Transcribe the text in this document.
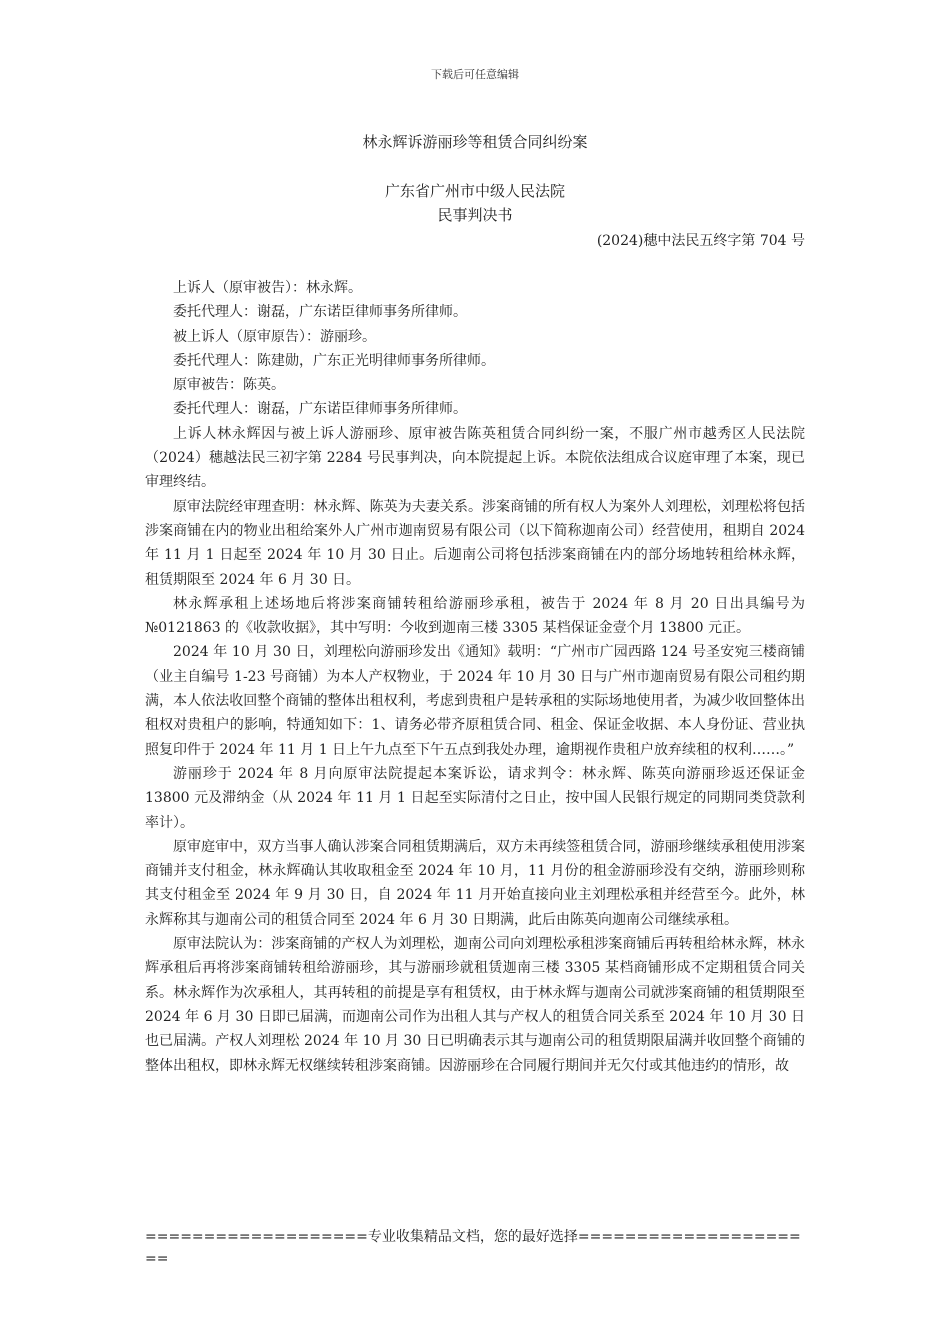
下载后可任意编辑
林永辉诉游丽珍等租赁合同纠纷案
广东省广州市中级人民法院
民事判决书
(2024)穗中法民五终字第 704 号

上诉人（原审被告）：林永辉。

委托代理人：谢磊，广东诺臣律师事务所律师。

被上诉人（原审原告）：游丽珍。

委托代理人：陈建勋，广东正光明律师事务所律师。

原审被告：陈英。

委托代理人：谢磊，广东诺臣律师事务所律师。

上诉人林永辉因与被上诉人游丽珍、原审被告陈英租赁合同纠纷一案，不服广州市越秀区人民法院（2024）穗越法民三初字第 2284 号民事判决，向本院提起上诉。本院依法组成合议庭审理了本案，现已审理终结。

原审法院经审理查明：林永辉、陈英为夫妻关系。涉案商铺的所有权人为案外人刘理松，刘理松将包括涉案商铺在内的物业出租给案外人广州市迦南贸易有限公司（以下简称迦南公司）经营使用，租期自 2024 年 11 月 1 日起至 2024 年 10 月 30 日止。后迦南公司将包括涉案商铺在内的部分场地转租给林永辉，租赁期限至 2024 年 6 月 30 日。

林永辉承租上述场地后将涉案商铺转租给游丽珍承租，被告于 2024 年 8 月 20 日出具编号为№0121863 的《收款收据》，其中写明：今收到迦南三楼 3305 某档保证金壹个月 13800 元正。

2024 年 10 月 30 日，刘理松向游丽珍发出《通知》载明：“广州市广园西路 124 号圣安宛三楼商铺（业主自编号 1-23 号商铺）为本人产权物业，于 2024 年 10 月 30 日与广州市迦南贸易有限公司租约期满，本人依法收回整个商铺的整体出租权利，考虑到贵租户是转承租的实际场地使用者，为减少收回整体出租权对贵租户的影响，特通知如下：1、请务必带齐原租赁合同、租金、保证金收据、本人身份证、营业执照复印件于 2024 年 11 月 1 日上午九点至下午五点到我处办理，逾期视作贵租户放弃续租的权利……。”

游丽珍于 2024 年 8 月向原审法院提起本案诉讼，请求判令：林永辉、陈英向游丽珍返还保证金 13800 元及滞纳金（从 2024 年 11 月 1 日起至实际清付之日止，按中国人民银行规定的同期同类贷款利率计）。

原审庭审中，双方当事人确认涉案合同租赁期满后，双方未再续签租赁合同，游丽珍继续承租使用涉案商铺并支付租金，林永辉确认其收取租金至 2024 年 10 月，11 月份的租金游丽珍没有交纳，游丽珍则称其支付租金至 2024 年 9 月 30 日，自 2024 年 11 月开始直接向业主刘理松承租并经营至今。此外，林永辉称其与迦南公司的租赁合同至 2024 年 6 月 30 日期满，此后由陈英向迦南公司继续承租。

原审法院认为：涉案商铺的产权人为刘理松，迦南公司向刘理松承租涉案商铺后再转租给林永辉，林永辉承租后再将涉案商铺转租给游丽珍，其与游丽珍就租赁迦南三楼 3305 某档商铺形成不定期租赁合同关系。林永辉作为次承租人，其再转租的前提是享有租赁权，由于林永辉与迦南公司就涉案商铺的租赁期限至 2024 年 6 月 30 日即已届满，而迦南公司作为出租人其与产权人的租赁合同关系至 2024 年 10 月 30 日也已届满。产权人刘理松 2024 年 10 月 30 日已明确表示其与迦南公司的租赁期限届满并收回整个商铺的整体出租权，即林永辉无权继续转租涉案商铺。因游丽珍在合同履行期间并无欠付或其他违约的情形，故

===================专业收集精品文档，您的最好选择=====================
